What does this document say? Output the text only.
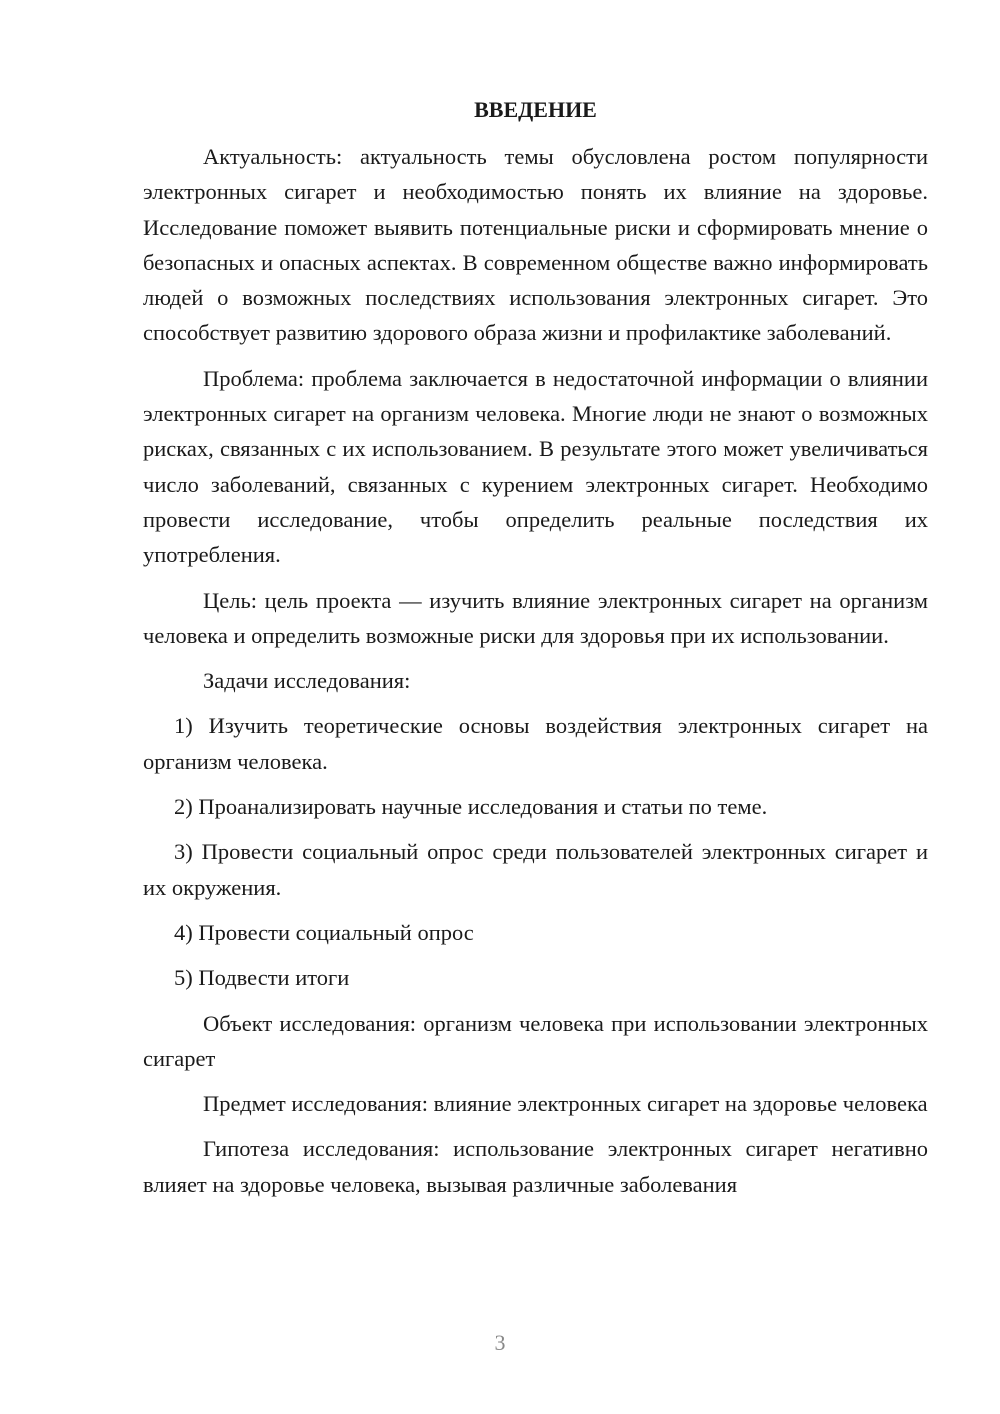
ВВЕДЕНИЕ

Актуальность: актуальность темы обусловлена ростом популярности электронных сигарет и необходимостью понять их влияние на здоровье. Исследование поможет выявить потенциальные риски и сформировать мнение о безопасных и опасных аспектах. В современном обществе важно информировать людей о возможных последствиях использования электронных сигарет. Это способствует развитию здорового образа жизни и профилактике заболеваний.

Проблема: проблема заключается в недостаточной информации о влиянии электронных сигарет на организм человека. Многие люди не знают о возможных рисках, связанных с их использованием. В результате этого может увеличиваться число заболеваний, связанных с курением электронных сигарет. Необходимо провести исследование, чтобы определить реальные последствия их употребления.

Цель: цель проекта — изучить влияние электронных сигарет на организм человека и определить возможные риски для здоровья при их использовании.

Задачи исследования:

1) Изучить теоретические основы воздействия электронных сигарет на организм человека.

2) Проанализировать научные исследования и статьи по теме.

3) Провести социальный опрос среди пользователей электронных сигарет и их окружения.

4) Провести социальный опрос

5) Подвести итоги

Объект исследования: организм человека при использовании электронных сигарет

Предмет исследования: влияние электронных сигарет на здоровье человека

Гипотеза исследования: использование электронных сигарет негативно влияет на здоровье человека, вызывая различные заболевания

3
